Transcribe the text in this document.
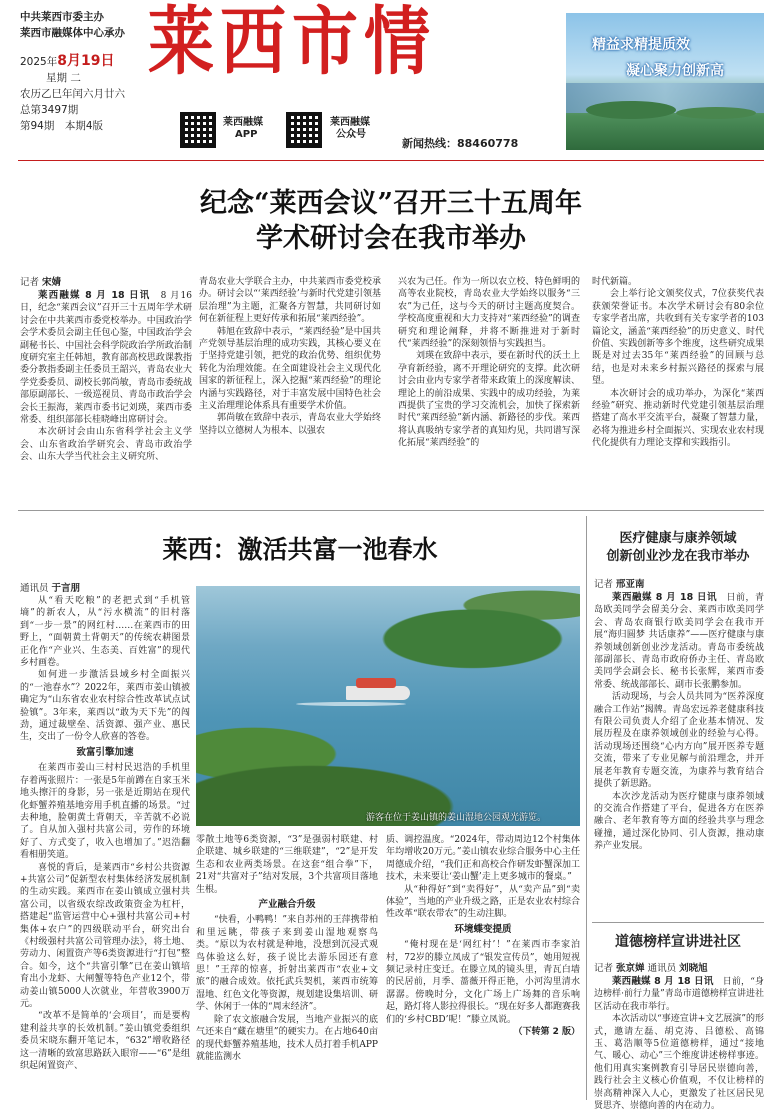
中共莱西市委主办
莱西市融媒体中心承办
2025年8月19日
星期 二
农历乙巳年闰六月廿六
总第3497期
第94期　本期4版
莱西市情
莱西融媒
APP
莱西融媒
公众号
新闻热线：88460778
精益求精提质效
凝心聚力创新高
纪念“莱西会议”召开三十五周年
学术研讨会在我市举办
记者 宋婧

莱西融媒 8 月 18 日讯　 8 月16 日，纪念“莱西会议”召开三十五周年学术研讨会在中共莱西市委党校举办。中国政治学会学术委员会副主任包心鉴，中国政治学会副秘书长、中国社会科学院政治学所政治制度研究室主任韩旭，教育部高校思政课教指委分教指委副主任委员王韶兴，青岛农业大学党委委员、副校长郭尚敏，青岛市委统战部原副部长、一级巡视员、青岛市政治学会会长王振海，莱西市委书记刘瑛，莱西市委常委、组织部部长桂晓峰出席研讨会。

本次研讨会由山东省科学社会主义学会、山东省政治学研究会、青岛市政治学会、山东大学当代社会主义研究所、

青岛农业大学联合主办，中共莱西市委党校承办。研讨会以“‘莱西经验’与新时代党建引领基层治理”为主题，汇聚各方智慧，共同研讨如何在新征程上更好传承和拓展“莱西经验”。

韩旭在致辞中表示，“莱西经验”是中国共产党领导基层治理的成功实践，其核心要义在于坚持党建引领，把党的政治优势、组织优势转化为治理效能。在全面建设社会主义现代化国家的新征程上，深入挖掘“莱西经验”的理论内涵与实践路径，对于丰富发展中国特色社会主义治理理论体系具有重要学术价值。

郭尚敏在致辞中表示，青岛农业大学始终坚持以立德树人为根本、以强农

兴农为己任。作为一所以农立校、特色鲜明的高等农业院校，青岛农业大学始终以服务“三农”为己任，这与今天的研讨主题高度契合。学校高度重视和大力支持对“莱西经验”的调查研究和理论阐释，并将不断推进对于新时代“莱西经验”的深刻领悟与实践担当。

刘瑛在致辞中表示，要在新时代的沃土上孕育新经验，离不开理论研究的支撑。此次研讨会由业内专家学者带来政策上的深度解读、理论上的前沿成果、实践中的成功经验，为莱西提供了宝贵的学习交流机会，加快了探索新时代“莱西经验”新内涵、新路径的步伐。莱西将认真吸纳专家学者的真知灼见，共同谱写深化拓展“莱西经验”的

时代新篇。

会上举行论文颁奖仪式，7位获奖代表获颁荣誉证书。本次学术研讨会有80余位专家学者出席，共收到有关专家学者的103篇论文，涵盖“莱西经验”的历史意义、时代价值、实践创新等多个维度，这些研究成果既是对过去35年“莱西经验”的回顾与总结，也是对未来乡村振兴路径的探索与展望。

本次研讨会的成功举办，为深化“莱西经验”研究、推动新时代党建引领基层治理搭建了高水平交流平台，凝聚了智慧力量，必将为推进乡村全面振兴、实现农业农村现代化提供有力理论支撑和实践指引。

莱西：激活共富一池春水
通讯员 于言朋

从“看天吃粮”的老把式到“手机管墒”的新农人，从“污水横流”的旧村落到“一步一景”的网红村……在莱西市的田野上，“面朝黄土背朝天”的传统农耕图景正化作“产业兴、生态美、百姓富”的现代乡村画卷。

如何进一步激活县域乡村全面振兴的“一池春水”？2022年，莱西市姜山镇被确定为“山东省农业农村综合性改革试点试验镇”。3年来，莱西以“敢为天下先”的闯劲，通过裁壁垒、活资源、强产业、惠民生，交出了一份令人欣喜的答卷。

致富引擎加速

在莱西市姜山三村村民迟浩的手机里存着两张照片：一张是5年前蹲在自家玉米地头擦汗的身影，另一张是近期站在现代化虾蟹养殖基地旁用手机直播的场景。“过去种地，脸朝黄土背朝天，辛苦就不必说了。自从加入强村共富公司，劳作的环境好了、方式变了，收入也增加了。”迟浩翻看相册笑道。

喜悦的背后，是莱西市“乡村公共资源+共富公司”促新型农村集体经济发展机制的生动实践。莱西市在姜山镇成立强村共富公司，以省级农综改政策资金为杠杆，搭建起“监管运营中心+强村共富公司+村集体+农户”的四级联动平台，研究出台《村级强村共富公司管理办法》，将土地、劳动力、闲置资产等6类资源进行“打包”整合。如今，这个“共富引擎”已在姜山镇培育出小龙虾、大闸蟹等特色产业12个，带动姜山镇5000人次就业，年营收3900万元。

“改革不是简单的‘会项目’，而是要构建利益共享的长效机制。”姜山镇党委组织委员宋晓东翻开笔记本，“632”增收路径这一清晰的致富思路跃入眼帘——“6”是组织起闲置资产、

游客在位于姜山镇的姜山湿地公园观光游览。

零散土地等6类资源，“3”是强弱村联建、村企联建、城乡联建的“三维联建”，“2”是开发生态和农业两类场景。在这套“组合拳”下，21对“共富对子”结对发展，3个共富项目落地生根。

产业融合升级

“快看，小鸭鸭！”来自苏州的王萍携带柏和里远眺，带孩子来到姜山湿地观察鸟类。“原以为农村就是种地，没想到沉浸式观鸟体验这么好，孩子说比去游乐园还有意思！”王萍的惊喜，折射出莱西市“农业+文旅”的融合成效。依托武兵契机，莱西市统筹湿地、红色文化等资源，规划建设集培训、研学、休闲于一体的“周末经济”。

除了农文旅融合发展，当地产业振兴的底气还来自“藏在塘里”的硬实力。在占地640亩的现代虾蟹养殖基地，技术人员打着手机APP就能监测水

质、调控温度。“2024年，带动周边12个村集体年均增收20万元。”姜山镇农业综合服务中心主任周德成介绍，“我们正和高校合作研发虾蟹深加工技术，未来要让‘姜山蟹’走上更多城市的餐桌。”

从“种得好”到“卖得好”，从“卖产品”到“卖体验”，当地的产业升级之路，正是农业农村综合性改革“联农带农”的生动注脚。

环境蝶变提质

“俺村现在是‘网红村’！”在莱西市李家泊村，72岁的滕立凤成了“银发宣传员”，她用短视频记录村庄变迁。在滕立凤的镜头里，青瓦白墙的民居前，月季、蔷薇开得正艳，小河沟里清水潺潺。傍晚时分，文化广场上广场舞的音乐响起，路灯将人影拉得很长。“现在好多人都跑赛我们的‘乡村CBD’呢！”滕立凤说。

（下转第 2 版）
医疗健康与康养领域
创新创业沙龙在我市举办
记者 邢亚南

莱西融媒 8 月 18 日讯　 日前，青岛欧美同学会留美分会、莱西市欧美同学会、青岛农商银行欧美同学会在我市开展“海归圆梦 共话康养”——医疗健康与康养领域创新创业沙龙活动。青岛市委统战部副部长、青岛市政府侨办主任、青岛欧美同学会副会长、秘书长张辉，莱西市委常委、统战部部长、副市长张鹏参加。

活动现场，与会人员共同为“医养深度融合工作站”揭牌。青岛宏远养老健康科技有限公司负责人介绍了企业基本情况、发展历程及在康养领域创业的经验与心得。活动现场还围绕“心内方向”展开医养专题交流，带来了专业见解与前沿理念，并开展老年教育专题交流，为康养与教育结合提供了新思路。

本次沙龙活动为医疗健康与康养领域的交流合作搭建了平台，促进各方在医养融合、老年教育等方面的经验共享与理念碰撞，通过深化协同、引人资源，推动康养产业发展。

道德榜样宣讲进社区
记者 张京婵 通讯员 刘晓旭

莱西融媒 8 月 18 日讯　 日前，“身边榜样·前行力量”青岛市道德榜样宣讲进社区活动在我市举行。

本次活动以“事迹宣讲+文艺展演”的形式，邀请左磊、胡克涛、吕德松、高锦玉、葛浩顺等5位道德榜样，通过“接地气、暖心、动心”三个维度讲述榜样事迹。他们用真实案例教育引导居民崇德向善，践行社会主义核心价值观，不仅让榜样的崇高精神深入人心，更激发了社区居民见贤思齐、崇德向善的内在动力。
